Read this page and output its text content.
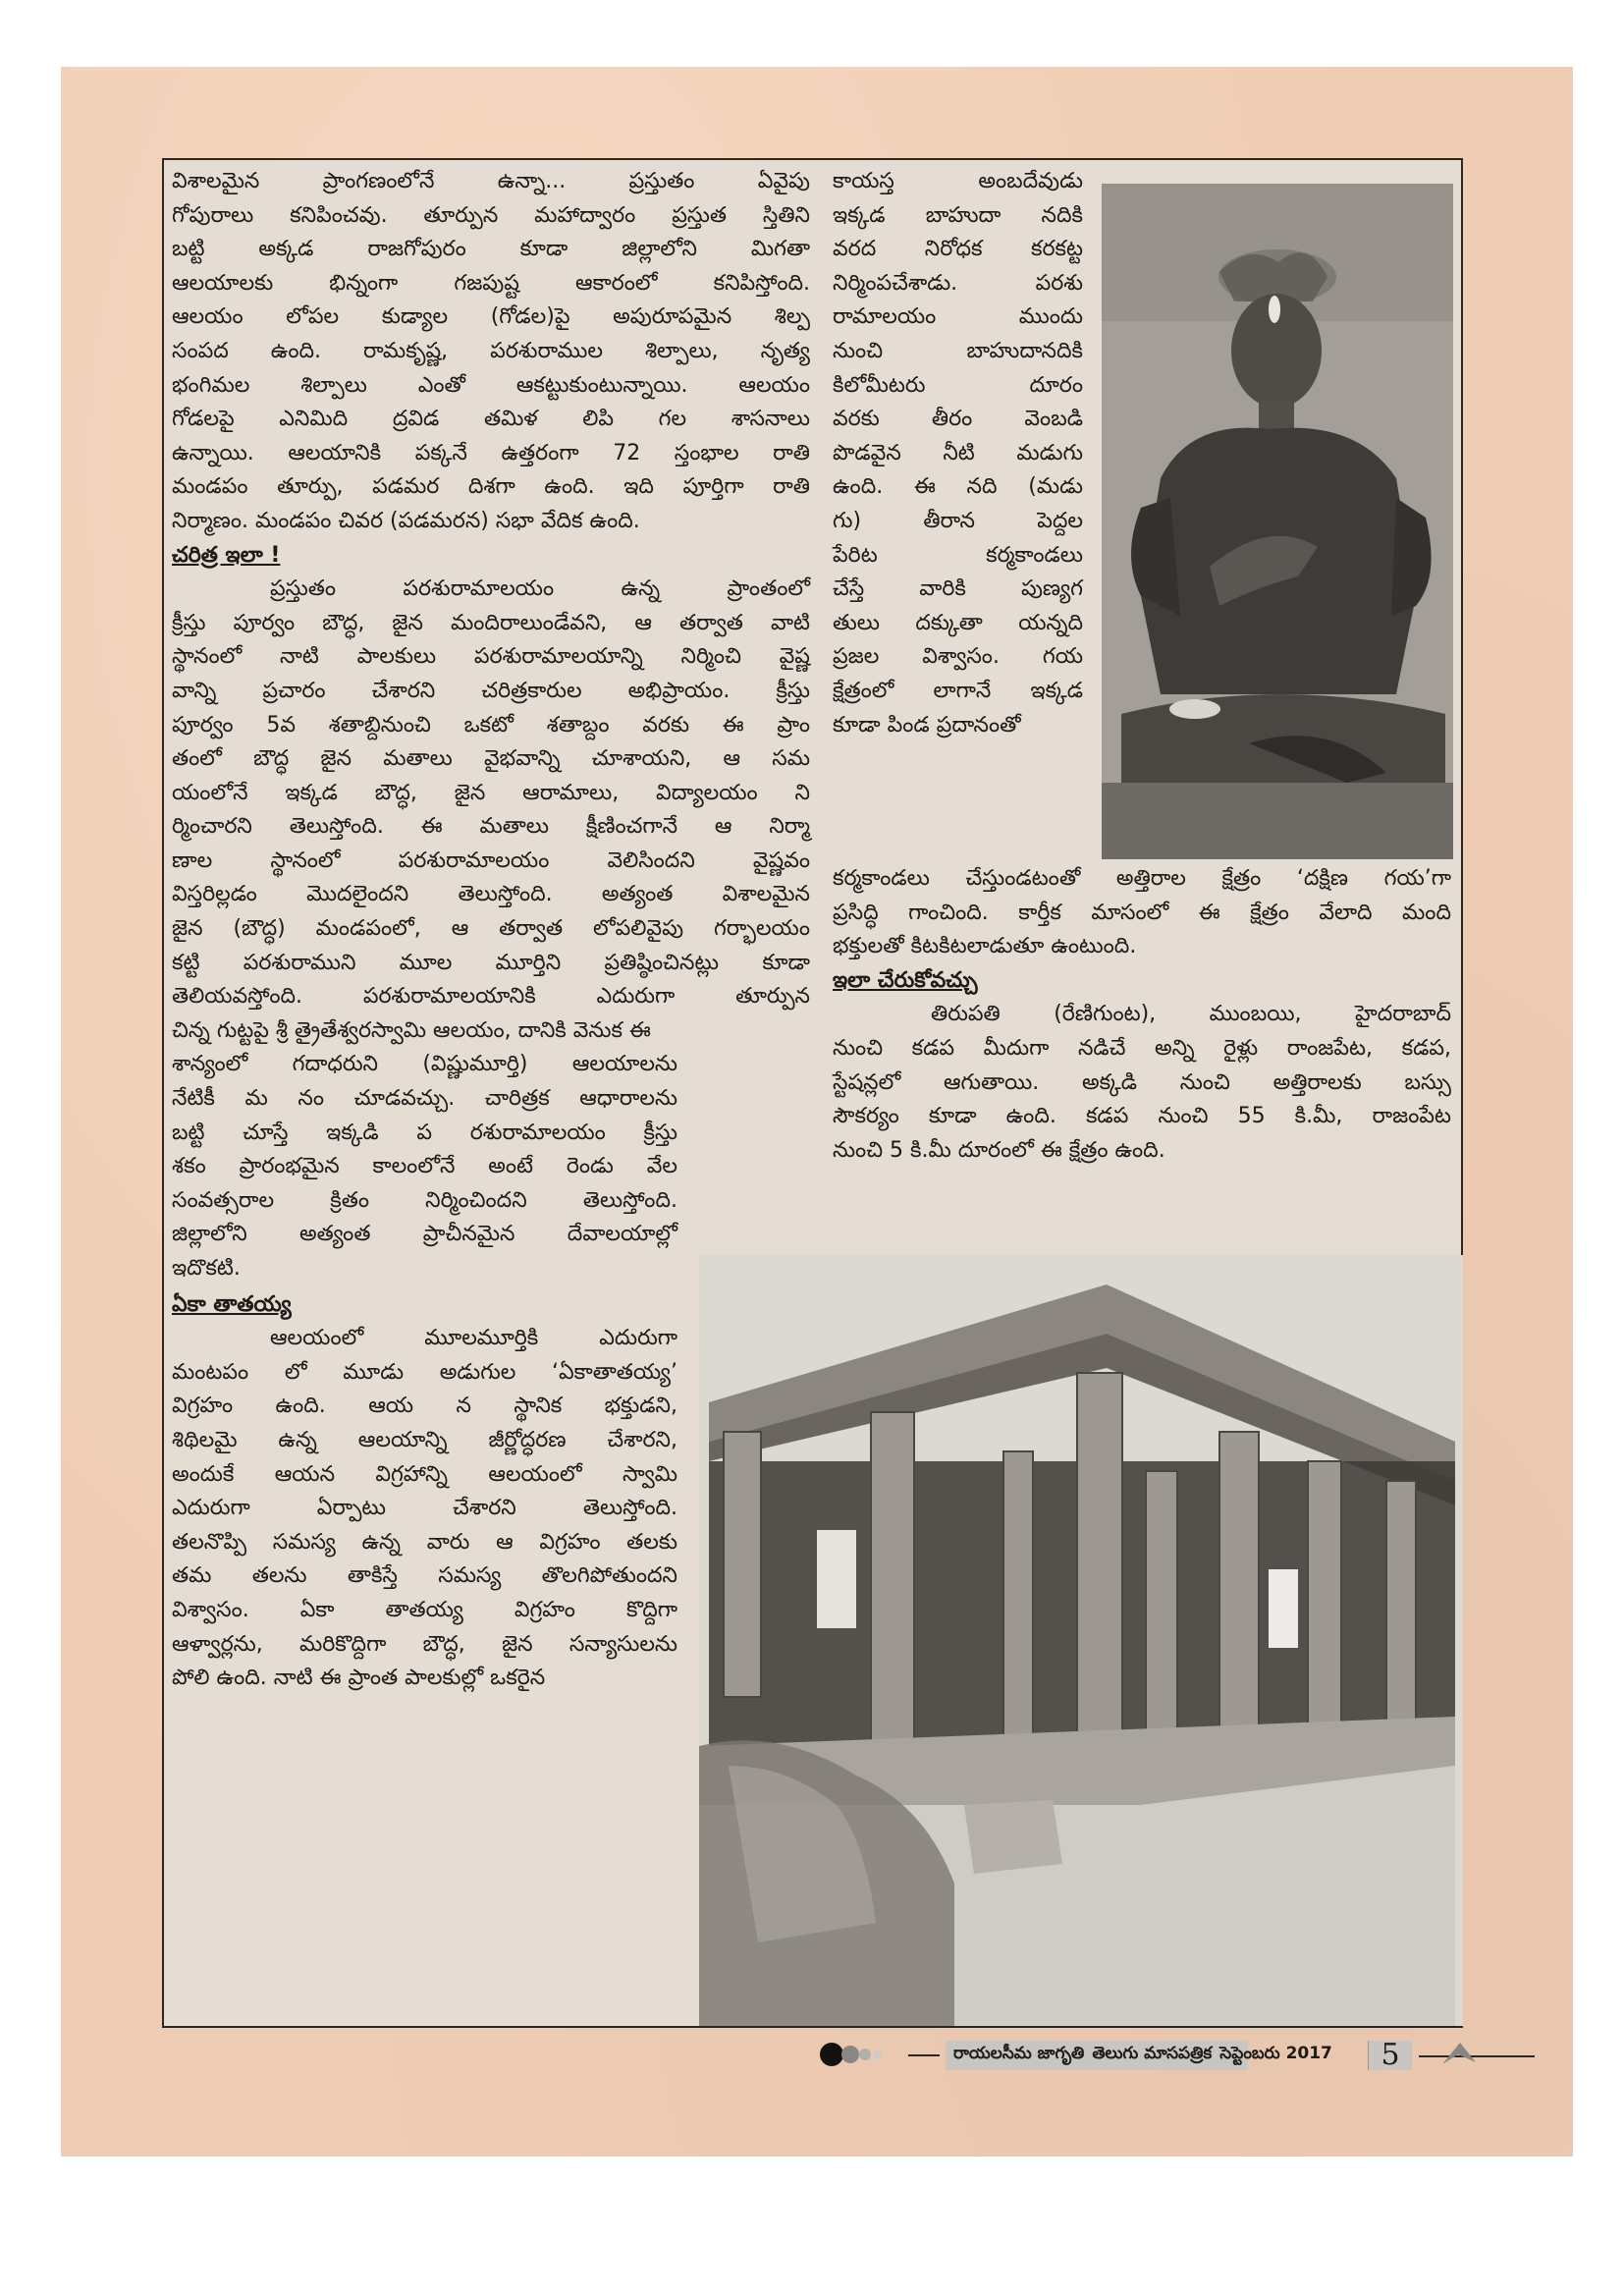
విశాలమైన ప్రాంగణంలోనే ఉన్నా... ప్రస్తుతం ఏవైపు
గోపురాలు కనిపించవు. తూర్పున మహాద్వారం ప్రస్తుత స్తితిని
బట్టి అక్కడ రాజగోపురం కూడా జిల్లాలోని మిగతా
ఆలయాలకు భిన్నంగా గజపుష్ట ఆకారంలో కనిపిస్తోంది.
ఆలయం లోపల కుడ్యాల (గోడల)పై అపురూపమైన శిల్ప
సంపద ఉంది. రామకృష్ణ, పరశురాముల శిల్పాలు, నృత్య
భంగిమల శిల్పాలు ఎంతో ఆకట్టుకుంటున్నాయి. ఆలయం
గోడలపై ఎనిమిది ద్రవిడ తమిళ లిపి గల శాసనాలు
ఉన్నాయి. ఆలయానికి పక్కనే ఉత్తరంగా 72 స్తంభాల రాతి
మండపం తూర్పు, పడమర దిశగా ఉంది. ఇది పూర్తిగా రాతి
నిర్మాణం. మండపం చివర (పడమరన) సభా వేదిక ఉంది.
చరిత్ర ఇలా !
ప్రస్తుతం పరశురామాలయం ఉన్న ప్రాంతంలో
క్రీస్తు పూర్వం బౌద్ధ, జైన మందిరాలుండేవని, ఆ తర్వాత వాటి
స్థానంలో నాటి పాలకులు పరశురామాలయాన్ని నిర్మించి వైష్ణ
వాన్ని ప్రచారం చేశారని చరిత్రకారుల అభిప్రాయం. క్రీస్తు
పూర్వం 5వ శతాబ్దినుంచి ఒకటో శతాబ్దం వరకు ఈ ప్రాం
తంలో బౌద్ధ జైన మతాలు వైభవాన్ని చూశాయని, ఆ సమ
యంలోనే ఇక్కడ బౌద్ధ, జైన ఆరామాలు, విద్యాలయం ని
ర్మించారని తెలుస్తోంది. ఈ మతాలు క్షీణించగానే ఆ నిర్మా
ణాల స్థానంలో పరశురామాలయం వెలిసిందని వైష్ణవం
విస్తరిల్లడం మొదలైందని తెలుస్తోంది. అత్యంత విశాలమైన
జైన (బౌద్ధ) మండపంలో, ఆ తర్వాత లోపలివైపు గర్భాలయం
కట్టి పరశురాముని మూల మూర్తిని ప్రతిష్ఠించినట్లు కూడా
తెలియవస్తోంది. పరశురామాలయానికి ఎదురుగా తూర్పున
చిన్న గుట్టపై శ్రీ త్రైతేశ్వరస్వామి ఆలయం, దానికి వెనుక ఈ
శాన్యంలో గదాధరుని (విష్ణుమూర్తి) ఆలయాలను
నేటికీ మ నం చూడవచ్చు. చారిత్రక ఆధారాలను
బట్టి చూస్తే ఇక్కడి ప రశురామాలయం క్రీస్తు
శకం ప్రారంభమైన కాలంలోనే అంటే రెండు వేల
సంవత్సరాల క్రితం నిర్మించిందని తెలుస్తోంది.
జిల్లాలోని అత్యంత ప్రాచీనమైన దేవాలయాల్లో
ఇదొకటి.
ఏకా తాతయ్య
ఆలయంలో మూలమూర్తికి ఎదురుగా
మంటపం లో మూడు అడుగుల ‘ఏకాతాతయ్య’
విగ్రహం ఉంది. ఆయ న స్థానిక భక్తుడని,
శిథిలమై ఉన్న ఆలయాన్ని జీర్ణోద్ధరణ చేశారని,
అందుకే ఆయన విగ్రహాన్ని ఆలయంలో స్వామి
ఎదురుగా ఏర్పాటు చేశారని తెలుస్తోంది.
తలనొప్పి సమస్య ఉన్న వారు ఆ విగ్రహం తలకు
తమ తలను తాకిస్తే సమస్య తొలగిపోతుందని
విశ్వాసం. ఏకా తాతయ్య విగ్రహం కొద్దిగా
ఆళ్వార్లను, మరికొద్దిగా బౌద్ధ, జైన సన్యాసులను
పోలి ఉంది. నాటి ఈ ప్రాంత పాలకుల్లో ఒకరైన
కాయస్త అంబదేవుడు
ఇక్కడ బాహుదా నదికి
వరద నిరోధక కరకట్ట
నిర్మింపచేశాడు. పరశు
రామాలయం ముందు
నుంచి బాహుదానదికి
కిలోమీటరు దూరం
వరకు తీరం వెంబడి
పొడవైన నీటి మడుగు
ఉంది. ఈ నది (మడు
గు) తీరాన పెద్దల
పేరిట కర్మకాండలు
చేస్తే వారికి పుణ్యగ
తులు దక్కుతా యన్నది
ప్రజల విశ్వాసం. గయ
క్షేత్రంలో లాగానే ఇక్కడ
కూడా పిండ ప్రదానంతో
కర్మకాండలు చేస్తుండటంతో అత్తిరాల క్షేత్రం ‘దక్షిణ గయ’గా
ప్రసిద్ధి గాంచింది. కార్తీక మాసంలో ఈ క్షేత్రం వేలాది మంది
భక్తులతో కిటకిటలాడుతూ ఉంటుంది.
ఇలా చేరుకోవచ్చు
తిరుపతి (రేణిగుంట), ముంబయి, హైదరాబాద్
నుంచి కడప మీదుగా నడిచే అన్ని రైళ్లు రాంజపేట, కడప,
స్టేషన్లలో ఆగుతాయి. అక్కడి నుంచి అత్తిరాలకు బస్సు
సౌకర్యం కూడా ఉంది. కడప నుంచి 55 కి.మీ, రాజంపేట
నుంచి 5 కి.మీ దూరంలో ఈ క్షేత్రం ఉంది.
రాయలసీమ జాగృతి తెలుగు మాసపత్రిక సెప్టెంబరు 2017	5
